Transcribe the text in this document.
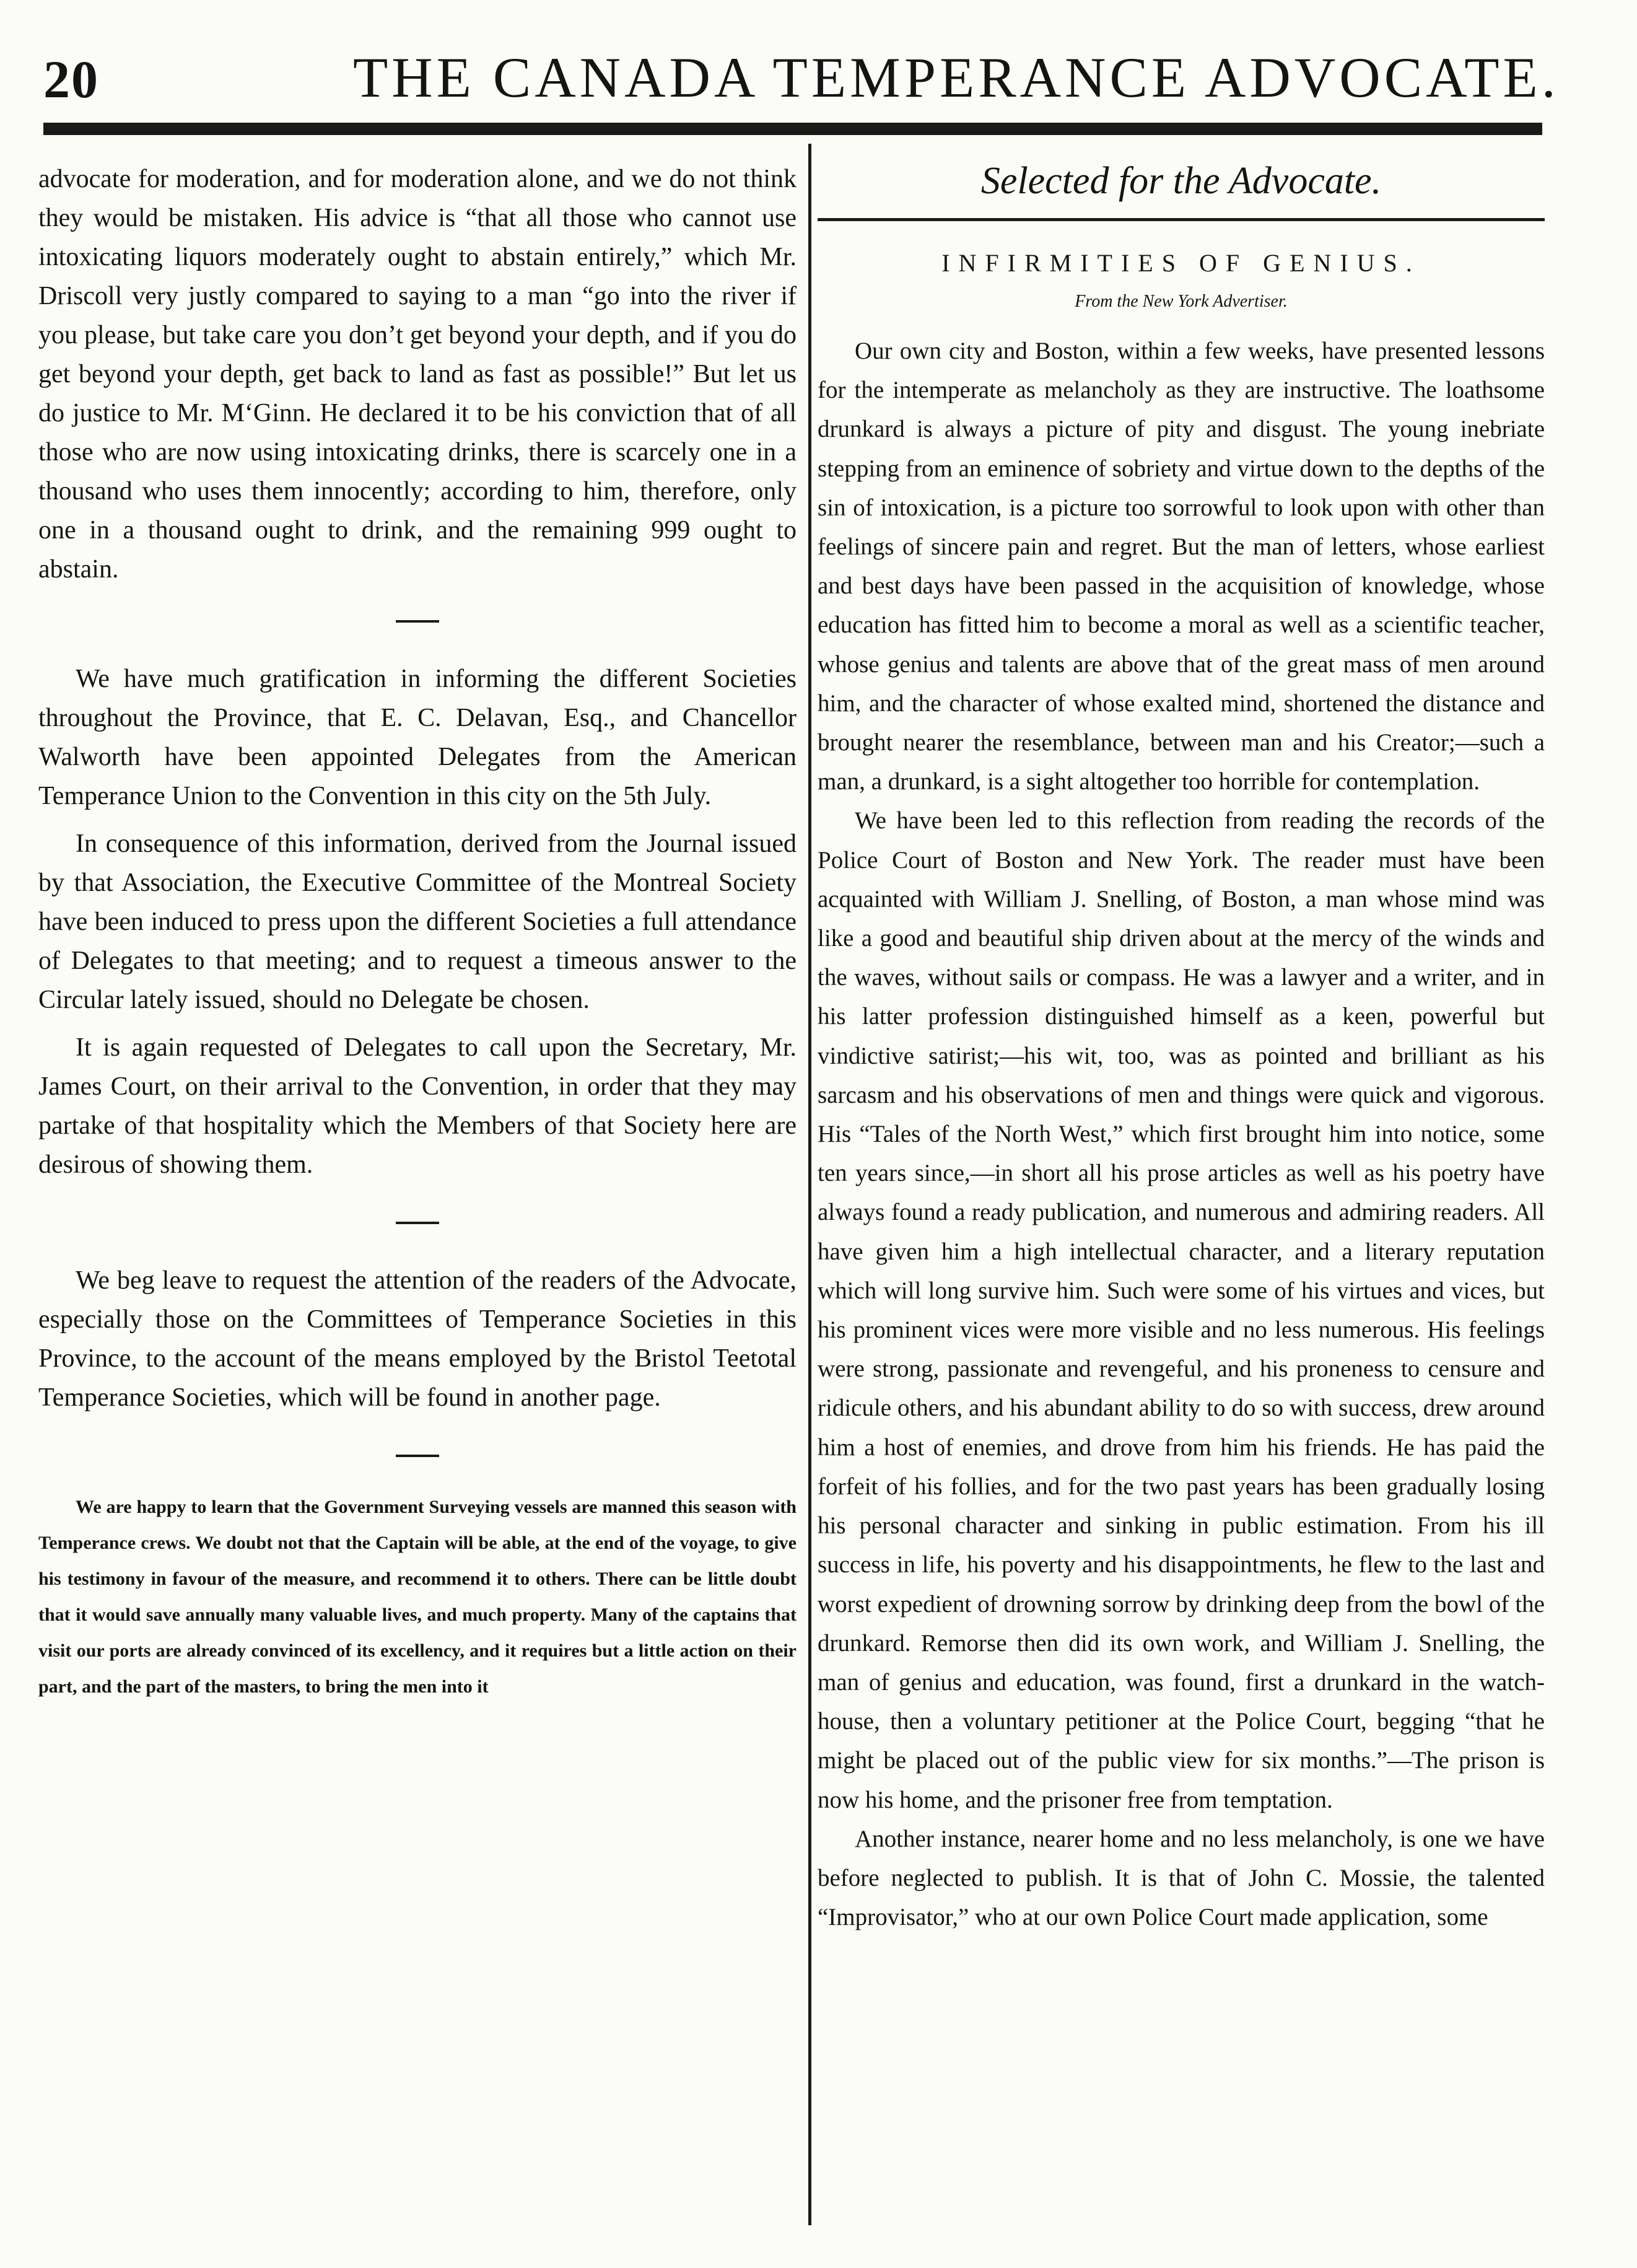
20	THE CANADA TEMPERANCE ADVOCATE.

advocate for moderation, and for moderation alone, and we do not think they would be mistaken. His advice is “that all those who cannot use intoxicating liquors moderately ought to abstain entirely,” which Mr. Driscoll very justly compared to saying to a man “go into the river if you please, but take care you don’t get beyond your depth, and if you do get beyond your depth, get back to land as fast as possible!” But let us do justice to Mr. M‘Ginn. He declared it to be his conviction that of all those who are now using intoxicating drinks, there is scarcely one in a thousand who uses them innocently; according to him, therefore, only one in a thousand ought to drink, and the remaining 999 ought to abstain.

We have much gratification in informing the different Societies throughout the Province, that E. C. Delavan, Esq., and Chancellor Walworth have been appointed Delegates from the American Temperance Union to the Convention in this city on the 5th July.

In consequence of this information, derived from the Journal issued by that Association, the Executive Committee of the Montreal Society have been induced to press upon the different Societies a full attendance of Delegates to that meeting; and to request a timeous answer to the Circular lately issued, should no Delegate be chosen.

It is again requested of Delegates to call upon the Secretary, Mr. James Court, on their arrival to the Convention, in order that they may partake of that hospitality which the Members of that Society here are desirous of showing them.

We beg leave to request the attention of the readers of the Advocate, especially those on the Committees of Temperance Societies in this Province, to the account of the means employed by the Bristol Teetotal Temperance Societies, which will be found in another page.

We are happy to learn that the Government Surveying vessels are manned this season with Temperance crews. We doubt not that the Captain will be able, at the end of the voyage, to give his testimony in favour of the measure, and recommend it to others. There can be little doubt that it would save annually many valuable lives, and much property. Many of the captains that visit our ports are already convinced of its excellency, and it requires but a little action on their part, and the part of the masters, to bring the men into it

Selected for the Advocate.

INFIRMITIES OF GENIUS.

From the New York Advertiser.

Our own city and Boston, within a few weeks, have presented lessons for the intemperate as melancholy as they are instructive. The loathsome drunkard is always a picture of pity and disgust. The young inebriate stepping from an eminence of sobriety and virtue down to the depths of the sin of intoxication, is a picture too sorrowful to look upon with other than feelings of sincere pain and regret. But the man of letters, whose earliest and best days have been passed in the acquisition of knowledge, whose education has fitted him to become a moral as well as a scientific teacher, whose genius and talents are above that of the great mass of men around him, and the character of whose exalted mind, shortened the distance and brought nearer the resemblance, between man and his Creator;—such a man, a drunkard, is a sight altogether too horrible for contemplation.

We have been led to this reflection from reading the records of the Police Court of Boston and New York. The reader must have been acquainted with William J. Snelling, of Boston, a man whose mind was like a good and beautiful ship driven about at the mercy of the winds and the waves, without sails or compass. He was a lawyer and a writer, and in his latter profession distinguished himself as a keen, powerful but vindictive satirist;—his wit, too, was as pointed and brilliant as his sarcasm and his observations of men and things were quick and vigorous. His “Tales of the North West,” which first brought him into notice, some ten years since,—in short all his prose articles as well as his poetry have always found a ready publication, and numerous and admiring readers. All have given him a high intellectual character, and a literary reputation which will long survive him. Such were some of his virtues and vices, but his prominent vices were more visible and no less numerous. His feelings were strong, passionate and revengeful, and his proneness to censure and ridicule others, and his abundant ability to do so with success, drew around him a host of enemies, and drove from him his friends. He has paid the forfeit of his follies, and for the two past years has been gradually losing his personal character and sinking in public estimation. From his ill success in life, his poverty and his disappointments, he flew to the last and worst expedient of drowning sorrow by drinking deep from the bowl of the drunkard. Remorse then did its own work, and William J. Snelling, the man of genius and education, was found, first a drunkard in the watch-house, then a voluntary petitioner at the Police Court, begging “that he might be placed out of the public view for six months.”—The prison is now his home, and the prisoner free from temptation.

Another instance, nearer home and no less melancholy, is one we have before neglected to publish. It is that of John C. Mossie, the talented “Improvisator,” who at our own Police Court made application, some
